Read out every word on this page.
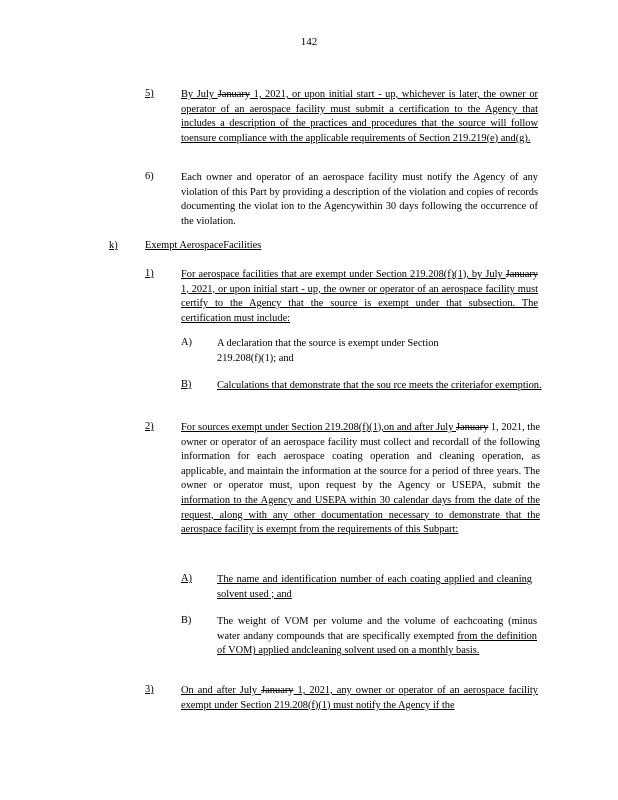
142
5)	By July January 1, 2021, or upon initial start - up, whichever is later, the owner or operator of an aerospace facility must submit a certification to the Agency that includes a description of the practices and procedures that the source will follow toensure compliance with the applicable requirements of Section 219.219(e) and(g).

6)	Each owner and operator of an aerospace facility must notify the Agency of any violation of this Part by providing a description of the violation and copies of records documenting the violat ion to the Agencywithin 30 days following the occurrence of the violation.
k)	Exempt AerospaceFacilities
1)	For aerospace facilities that are exempt under Section 219.208(f)(1), by July January 1, 2021, or upon initial start - up, the owner or operator of an aerospace facility must certify to the Agency that the source is exempt under that subsection. The certification must include:

A) A declaration that the source is exempt under Section 219.208(f)(1); and
B) Calculations that demonstrate that the sou rce meets the criteriafor exemption.
2)	For sources exempt under Section 219.208(f)(1),on and after July January 1, 2021, the owner or operator of an aerospace facility must collect and recordall of the following information for each aerospace coating operation and cleaning operation, as applicable, and maintain the information at the source for a period of three years. The owner or operator must, upon request by the Agency or USEPA, submit the information to the Agency and USEPA within 30 calendar days from the date of the request, along with any other documentation necessary to demonstrate that the aerospace facility is exempt from the requirements of this Subpart:

A) The name and identification number of each coating applied and cleaning solvent used ; and
B) The weight of VOM per volume and the volume of eachcoating (minus water andany compounds that are specifically exempted from the definition of VOM) applied andcleaning solvent used on a monthly basis.

3)	On and after July January 1, 2021, any owner or operator of an aerospace facility exempt under Section 219.208(f)(1) must notify the Agency if the
